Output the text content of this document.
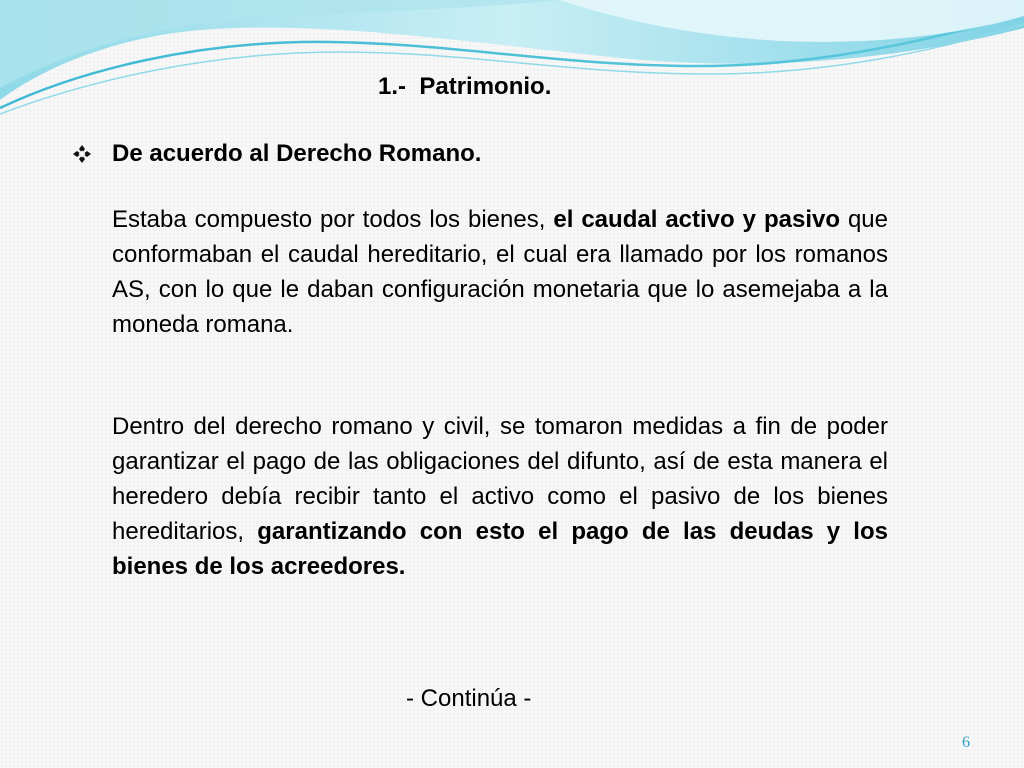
1.-  Patrimonio.
De acuerdo al Derecho Romano.

Estaba compuesto por todos los bienes, el caudal activo y pasivo que conformaban el caudal hereditario, el cual era llamado por los romanos AS, con lo que le daban configuración monetaria que lo asemejaba a la moneda romana.

Dentro del derecho romano y civil, se tomaron medidas a fin de poder garantizar el pago de las obligaciones del difunto, así de esta manera el heredero debía recibir tanto el activo como el pasivo de los bienes hereditarios, garantizando con esto el pago de las deudas y los bienes de los acreedores.

- Continúa -
6
